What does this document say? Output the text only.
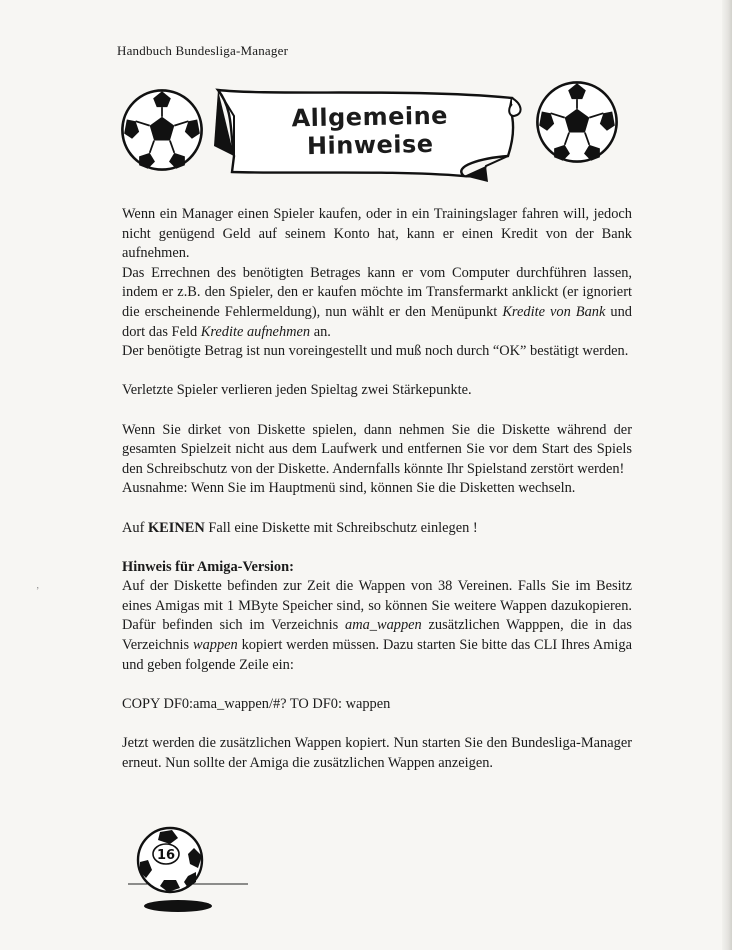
Handbuch Bundesliga-Manager
Allgemeine Hinweise

Wenn ein Manager einen Spieler kaufen, oder in ein Trainingslager fahren will, jedoch nicht genügend Geld auf seinem Konto hat, kann er einen Kredit von der Bank aufnehmen.

Das Errechnen des benötigten Betrages kann er vom Computer durchführen lassen, indem er z.B. den Spieler, den er kaufen möchte im Transfermarkt anklickt (er ignoriert die erscheinende Fehlermeldung), nun wählt er den Menüpunkt Kredite von Bank und dort das Feld Kredite aufnehmen an.

Der benötigte Betrag ist nun voreingestellt und muß noch durch “OK” bestätigt werden.

Verletzte Spieler verlieren jeden Spieltag zwei Stärkepunkte.

Wenn Sie dirket von Diskette spielen, dann nehmen Sie die Diskette während der gesamten Spielzeit nicht aus dem Laufwerk und entfernen Sie vor dem Start des Spiels den Schreibschutz von der Diskette. Andernfalls könnte Ihr Spielstand zerstört werden!

Ausnahme: Wenn Sie im Hauptmenü sind, können Sie die Disketten wechseln.

Auf KEINEN Fall eine Diskette mit Schreibschutz einlegen !

Hinweis für Amiga-Version:

Auf der Diskette befinden zur Zeit die Wappen von 38 Vereinen. Falls Sie im Besitz eines Amigas mit 1 MByte Speicher sind, so können Sie weitere Wappen dazukopieren. Dafür befinden sich im Verzeichnis ama_wappen zusätzlichen Wapppen, die in das Verzeichnis wappen kopiert werden müssen. Dazu starten Sie bitte das CLI Ihres Amiga und geben folgende Zeile ein:

COPY DF0:ama_wappen/#? TO DF0: wappen

Jetzt werden die zusätzlichen Wappen kopiert. Nun starten Sie den Bundesliga-Manager erneut. Nun sollte der Amiga die zusätzlichen Wappen anzeigen.

16
’
